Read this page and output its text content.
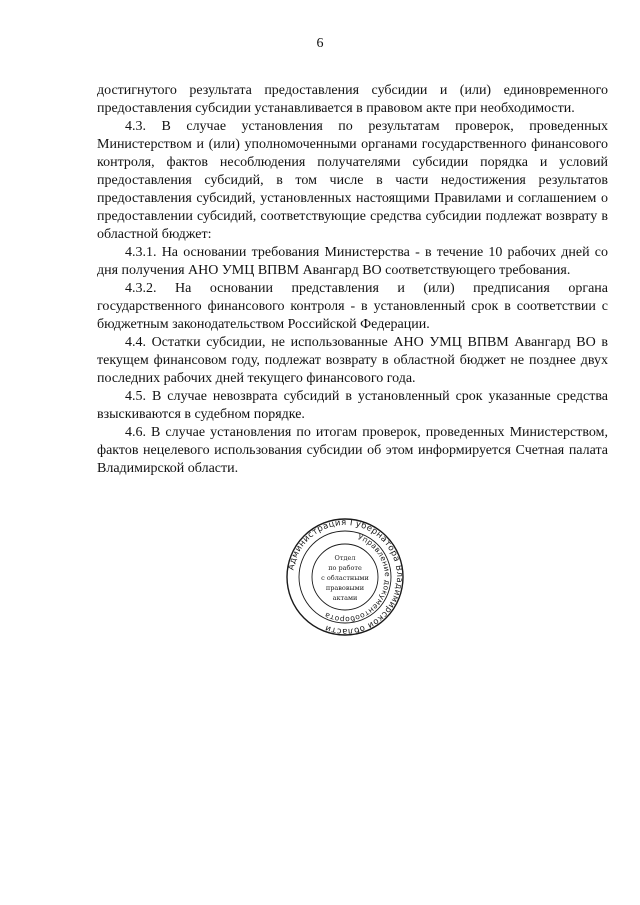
6

достигнутого результата предоставления субсидии и (или) единовременного предоставления субсидии устанавливается в правовом акте при необходимости.

4.3. В случае установления по результатам проверок, проведенных Министерством и (или) уполномоченными органами государственного финансового контроля, фактов несоблюдения получателями субсидии порядка и условий предоставления субсидий, в том числе в части недостижения результатов предоставления субсидий, установленных настоящими Правилами и соглашением о предоставлении субсидий, соответствующие средства субсидии подлежат возврату в областной бюджет:

4.3.1. На основании требования Министерства - в течение 10 рабочих дней со дня получения АНО УМЦ ВПВМ Авангард ВО соответствующего требования.

4.3.2. На основании представления и (или) предписания органа государственного финансового контроля - в установленный срок в соответствии с бюджетным законодательством Российской Федерации.

4.4. Остатки субсидии, не использованные АНО УМЦ ВПВМ Авангард ВО в текущем финансовом году, подлежат возврату в областной бюджет не позднее двух последних рабочих дней текущего финансового года.

4.5. В случае невозврата субсидий в установленный срок указанные средства взыскиваются в судебном порядке.

4.6. В случае установления по итогам проверок, проведенных Министерством, фактов нецелевого использования субсидии об этом информируется Счетная палата Владимирской области.

Администрация Губернатора Владимирской области
Управление документооборота
Отдел
по работе
с областными
правовыми
актами
